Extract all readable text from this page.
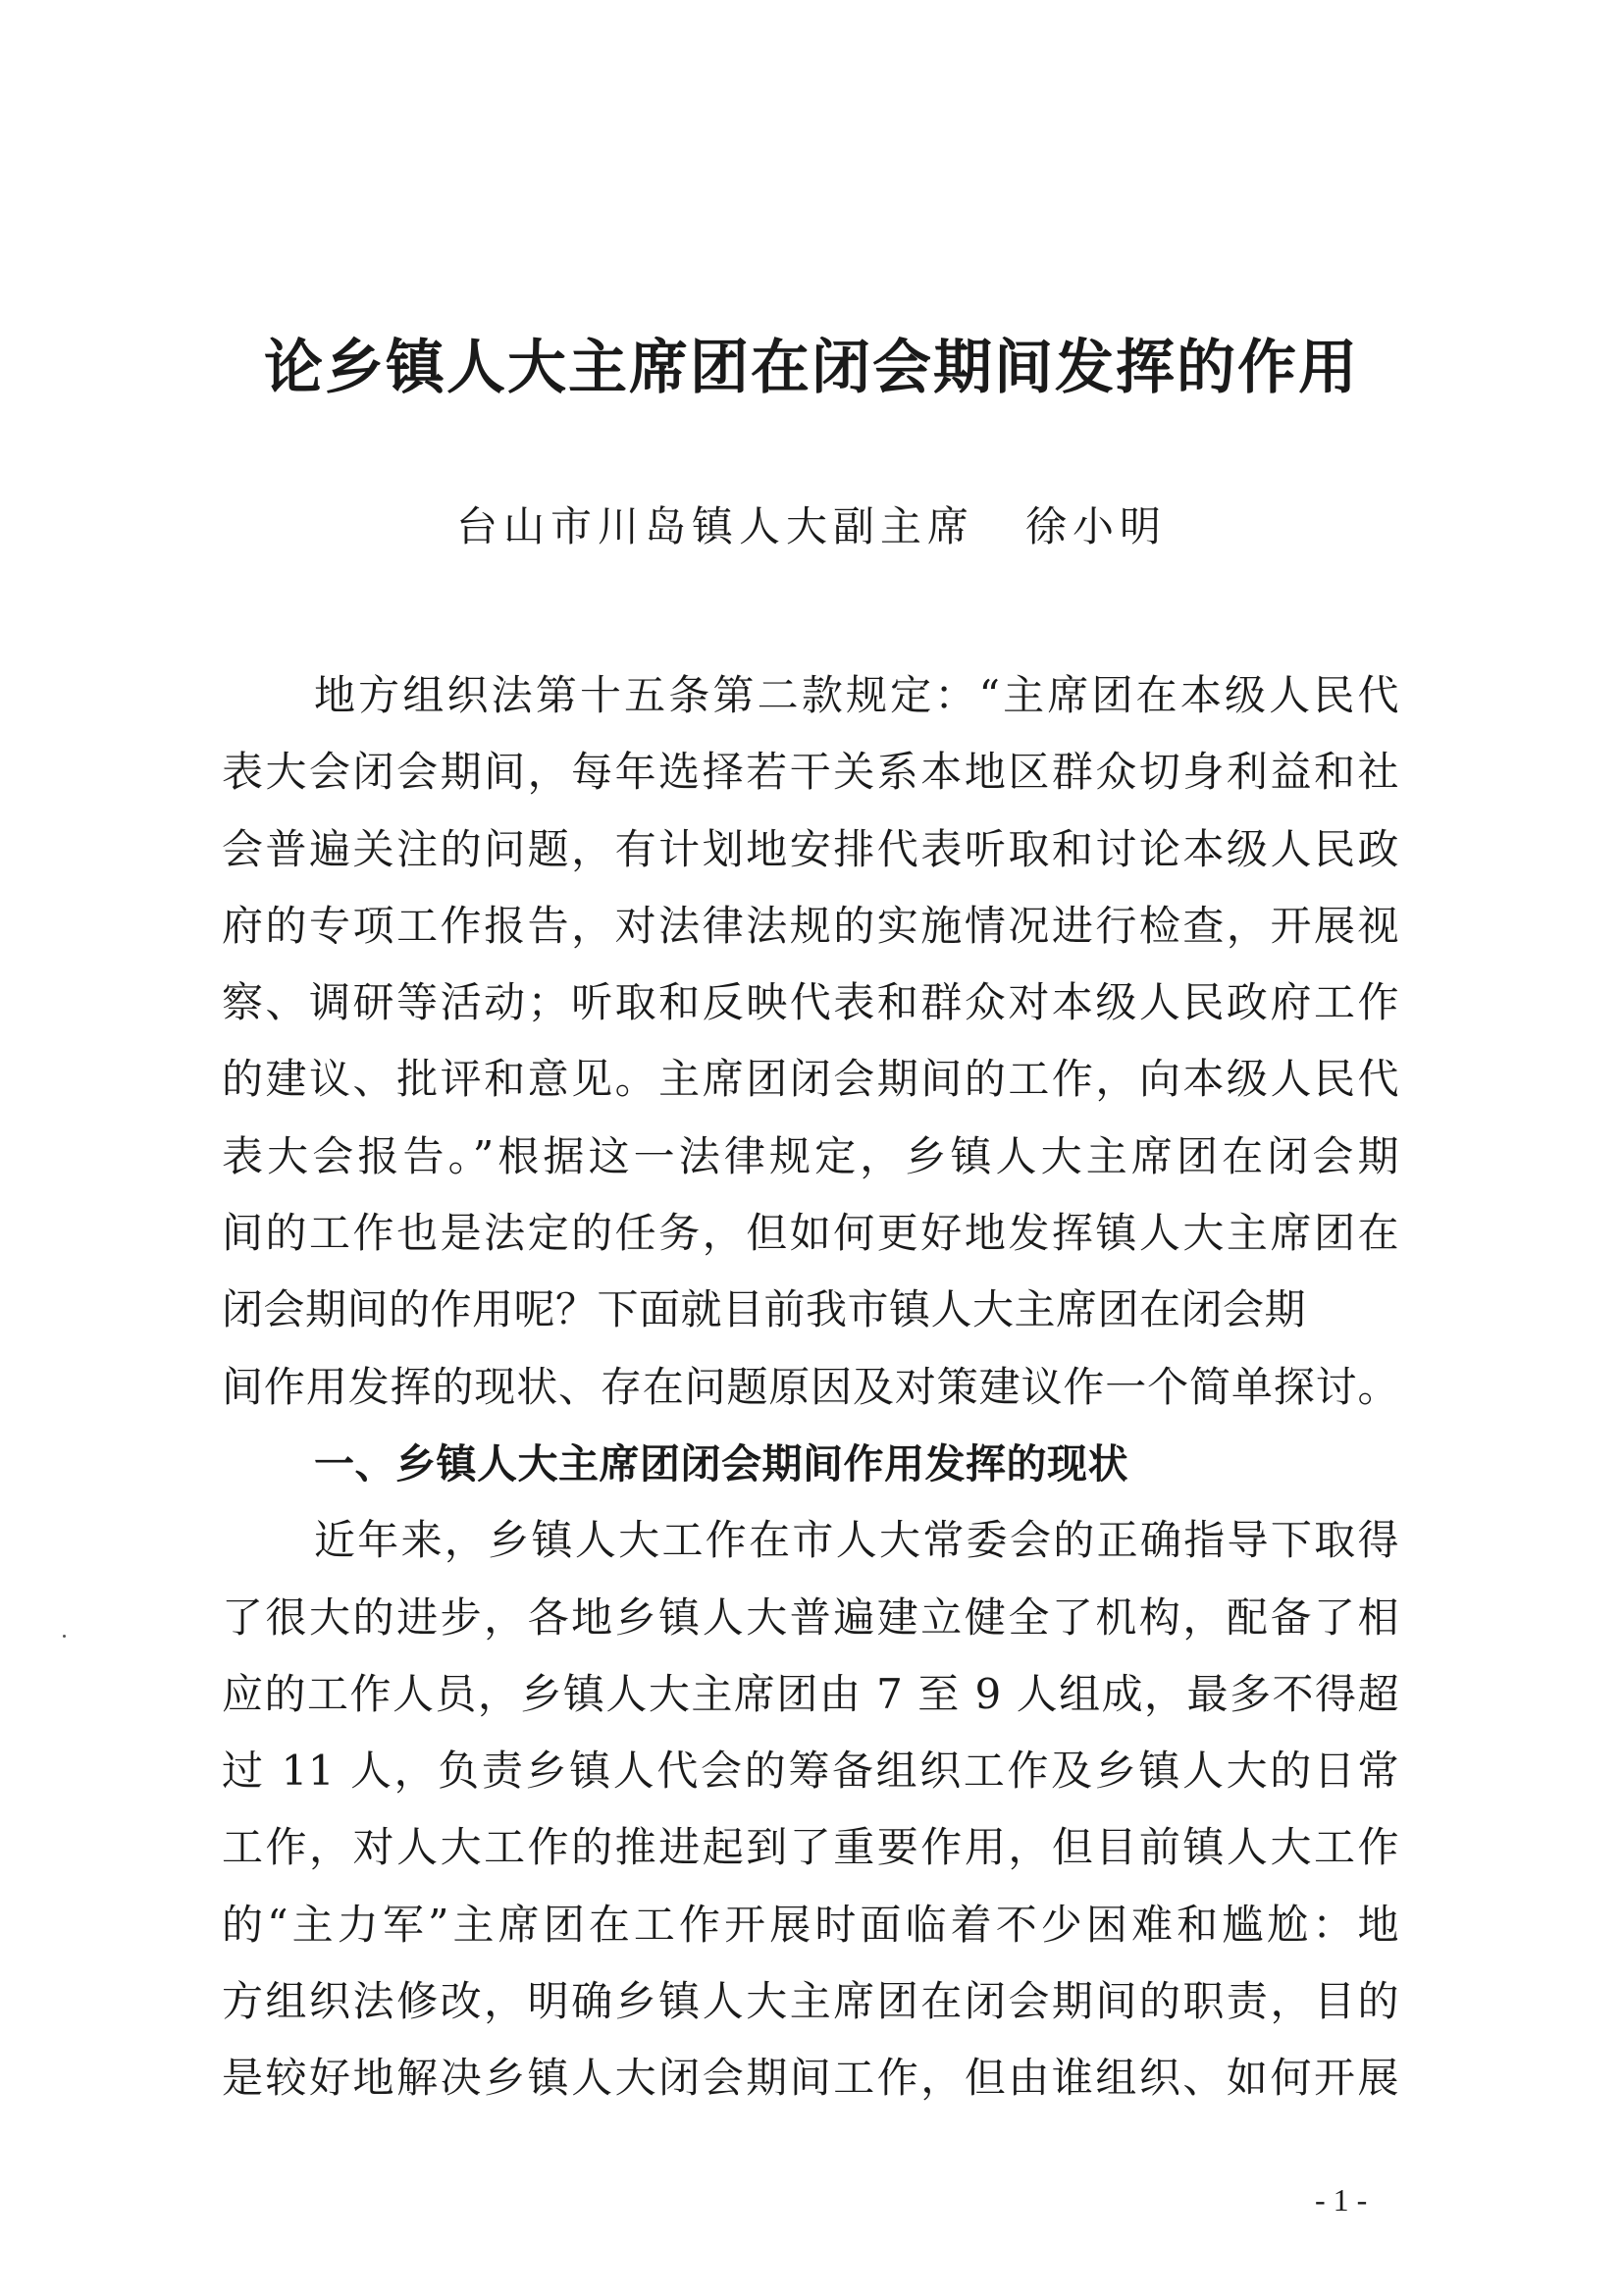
论乡镇人大主席团在闭会期间发挥的作用
台山市川岛镇人大副主席 徐小明
地方组织法第十五条第二款规定：“主席团在本级人民代
表大会闭会期间，每年选择若干关系本地区群众切身利益和社
会普遍关注的问题，有计划地安排代表听取和讨论本级人民政
府的专项工作报告，对法律法规的实施情况进行检查，开展视
察、调研等活动；听取和反映代表和群众对本级人民政府工作
的建议、批评和意见。主席团闭会期间的工作，向本级人民代
表大会报告。”根据这一法律规定，乡镇人大主席团在闭会期
间的工作也是法定的任务，但如何更好地发挥镇人大主席团在
闭会期间的作用呢？下面就目前我市镇人大主席团在闭会期
间作用发挥的现状、存在问题原因及对策建议作一个简单探讨。
一、乡镇人大主席团闭会期间作用发挥的现状
近年来，乡镇人大工作在市人大常委会的正确指导下取得
了很大的进步，各地乡镇人大普遍建立健全了机构，配备了相
应的工作人员，乡镇人大主席团由 7 至 9 人组成，最多不得超
过 11 人，负责乡镇人代会的筹备组织工作及乡镇人大的日常
工作，对人大工作的推进起到了重要作用，但目前镇人大工作
的“主力军”主席团在工作开展时面临着不少困难和尴尬：地
方组织法修改，明确乡镇人大主席团在闭会期间的职责，目的
是较好地解决乡镇人大闭会期间工作，但由谁组织、如何开展
- 1 -
